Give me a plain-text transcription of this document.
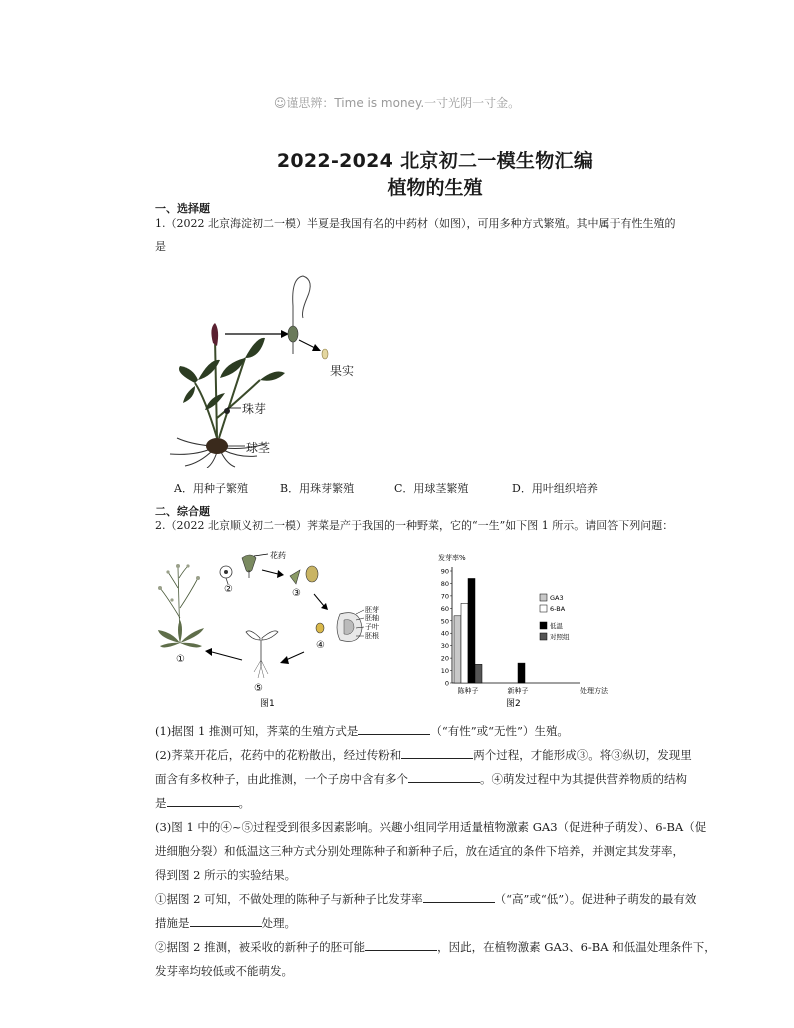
☺谨思辨：Time is money.一寸光阴一寸金。
2022-2024 北京初二一模生物汇编
植物的生殖
一、选择题
1.（2022 北京海淀初二一模）半夏是我国有名的中药材（如图），可用多种方式繁殖。其中属于有性生殖的
是
果实
珠芽
球茎
A．用种子繁殖	B．用珠芽繁殖	C．用球茎繁殖	D．用叶组织培养
二、综合题
2.（2022 北京顺义初二一模）荠菜是产于我国的一种野菜，它的“一生”如下图 1 所示。请回答下列问题：
①
②
花药
③
④
胚芽
胚轴
子叶
胚根
⑤
图1
发芽率%
处理方法
0
10
20
30
40
50
60
70
80
90
陈种子	新种子
GA3
6-BA
低温
对照组
图2
(1)据图 1 推测可知，荠菜的生殖方式是	（“有性”或“无性”）生殖。
(2)荠菜开花后，花药中的花粉散出，经过传粉和	两个过程，才能形成③。将③纵切，发现里
面含有多枚种子，由此推测，一个子房中含有多个	。④萌发过程中为其提供营养物质的结构
是	。
(3)图 1 中的④~⑤过程受到很多因素影响。兴趣小组同学用适量植物激素 GA3（促进种子萌发）、6-BA（促
进细胞分裂）和低温这三种方式分别处理陈种子和新种子后，放在适宜的条件下培养，并测定其发芽率，
得到图 2 所示的实验结果。
①据图 2 可知，不做处理的陈种子与新种子比发芽率	（“高”或“低”）。促进种子萌发的最有效
措施是	处理。
②据图 2 推测，被采收的新种子的胚可能	，因此，在植物激素 GA3、6-BA 和低温处理条件下，
发芽率均较低或不能萌发。
